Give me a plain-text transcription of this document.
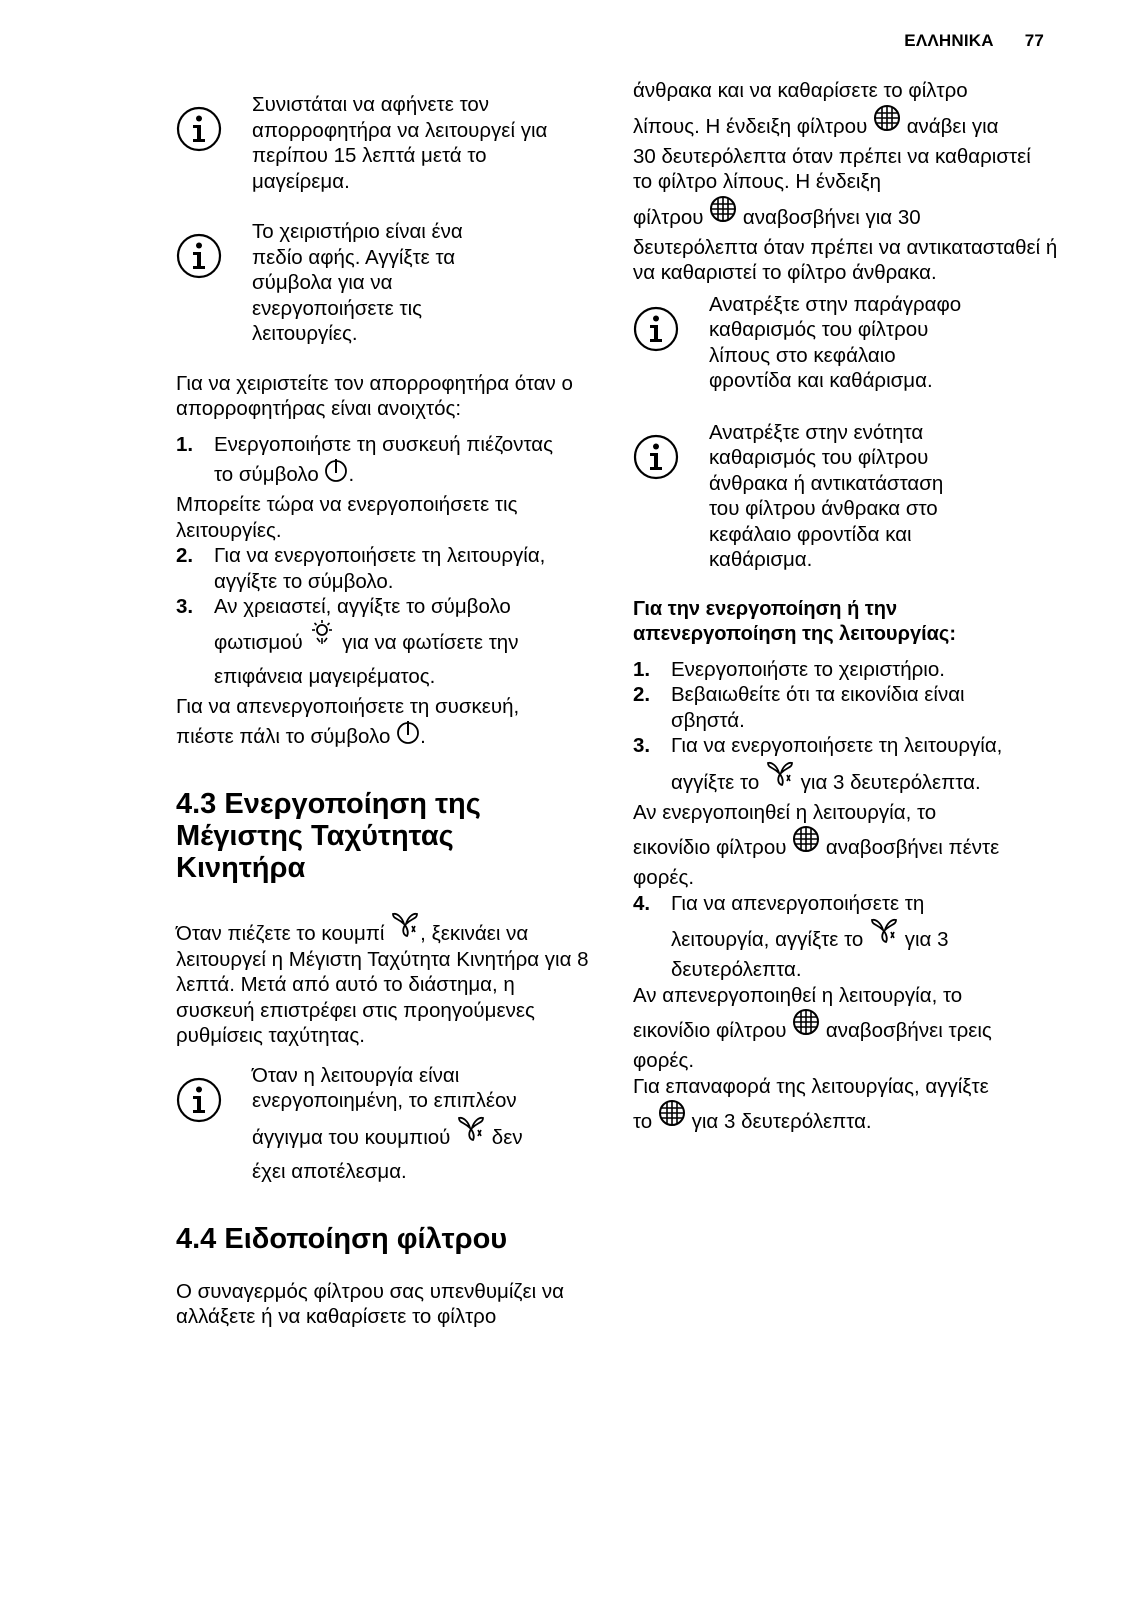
ΕΛΛΗΝΙΚΑ 77

Συνιστάται να αφήνετε τον απορροφητήρα να λειτουργεί για περίπου 15 λεπτά μετά το μαγείρεμα.

Το χειριστήριο είναι ένα πεδίο αφής. Αγγίξτε τα σύμβολα για να ενεργοποιήσετε τις λειτουργίες.

Για να χειριστείτε τον απορροφητήρα όταν ο απορροφητήρας είναι ανοιχτός:

1. Ενεργοποιήστε τη συσκευή πιέζοντας
το σύμβολο .

Μπορείτε τώρα να ενεργοποιήσετε τις λειτουργίες.

2. Για να ενεργοποιήσετε τη λειτουργία, αγγίξτε το σύμβολο.
3. Αν χρειαστεί, αγγίξτε το σύμβολο
φωτισμού για να φωτίσετε την επιφάνεια μαγειρέματος.

Για να απενεργοποιήσετε τη συσκευή,
πιέστε πάλι το σύμβολο .

4.3 Ενεργοποίηση της Μέγιστης Ταχύτητας Κινητήρα

Όταν πιέζετε το κουμπί , ξεκινάει να λειτουργεί η Μέγιστη Ταχύτητα Κινητήρα για 8 λεπτά. Μετά από αυτό το διάστημα, η συσκευή επιστρέφει στις προηγούμενες ρυθμίσεις ταχύτητας.

Όταν η λειτουργία είναι ενεργοποιημένη, το επιπλέον
άγγιγμα του κουμπιού δεν έχει αποτέλεσμα.

4.4 Ειδοποίηση φίλτρου

Ο συναγερμός φίλτρου σας υπενθυμίζει να αλλάξετε ή να καθαρίσετε το φίλτρο

άνθρακα και να καθαρίσετε το φίλτρο
λίπους. Η ένδειξη φίλτρου ανάβει για
30 δευτερόλεπτα όταν πρέπει να καθαριστεί το φίλτρο λίπους. Η ένδειξη
φίλτρου αναβοσβήνει για 30
δευτερόλεπτα όταν πρέπει να αντικατασταθεί ή να καθαριστεί το φίλτρο άνθρακα.

Ανατρέξτε στην παράγραφο καθαρισμός του φίλτρου λίπους στο κεφάλαιο φροντίδα και καθάρισμα.

Ανατρέξτε στην ενότητα καθαρισμός του φίλτρου άνθρακα ή αντικατάσταση του φίλτρου άνθρακα στο κεφάλαιο φροντίδα και καθάρισμα.

Για την ενεργοποίηση ή την απενεργοποίηση της λειτουργίας:
1. Ενεργοποιήστε το χειριστήριο.
2. Βεβαιωθείτε ότι τα εικονίδια είναι σβηστά.
3. Για να ενεργοποιήσετε τη λειτουργία,
αγγίξτε το για 3 δευτερόλεπτα.

Αν ενεργοποιηθεί η λειτουργία, το
εικονίδιο φίλτρου αναβοσβήνει πέντε
φορές.

4. Για να απενεργοποιήσετε τη
λειτουργία, αγγίξτε το για 3
δευτερόλεπτα.

Αν απενεργοποιηθεί η λειτουργία, το
εικονίδιο φίλτρου αναβοσβήνει τρεις
φορές.

Για επαναφορά της λειτουργίας, αγγίξτε
το για 3 δευτερόλεπτα.
